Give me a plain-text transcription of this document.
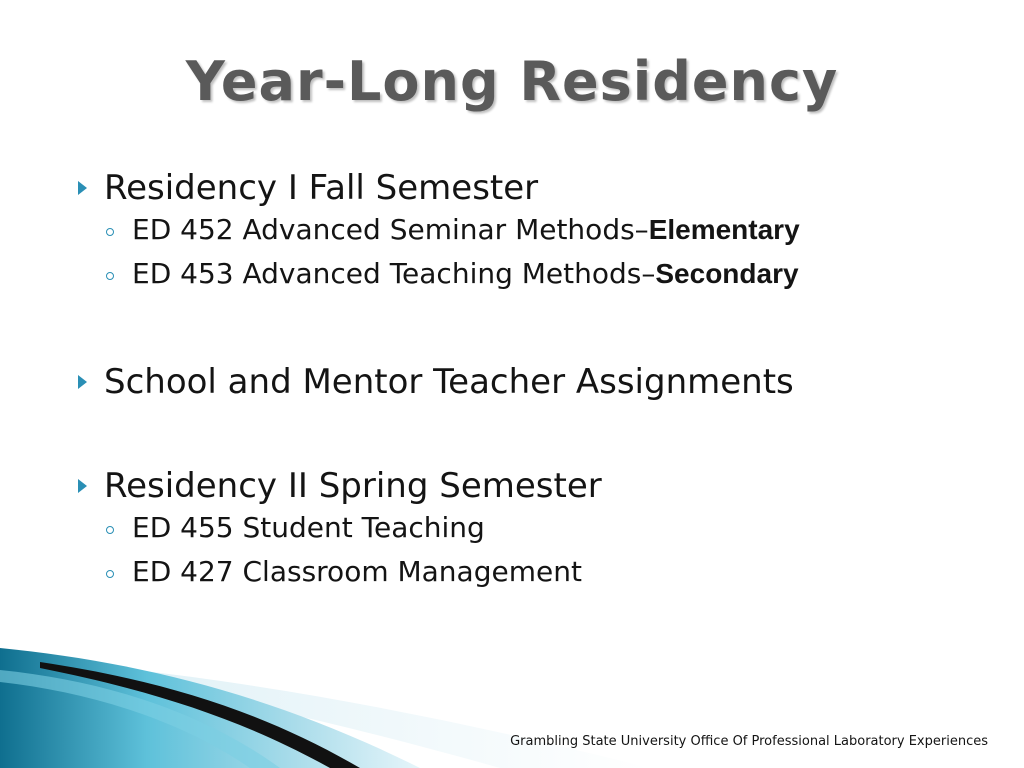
Year-Long Residency
Residency I Fall Semester
ED 452 Advanced Seminar Methods–Elementary
ED 453 Advanced Teaching Methods–Secondary
School and Mentor Teacher Assignments
Residency II Spring Semester
ED 455 Student Teaching
ED 427 Classroom Management
Grambling State University Office Of Professional Laboratory Experiences
